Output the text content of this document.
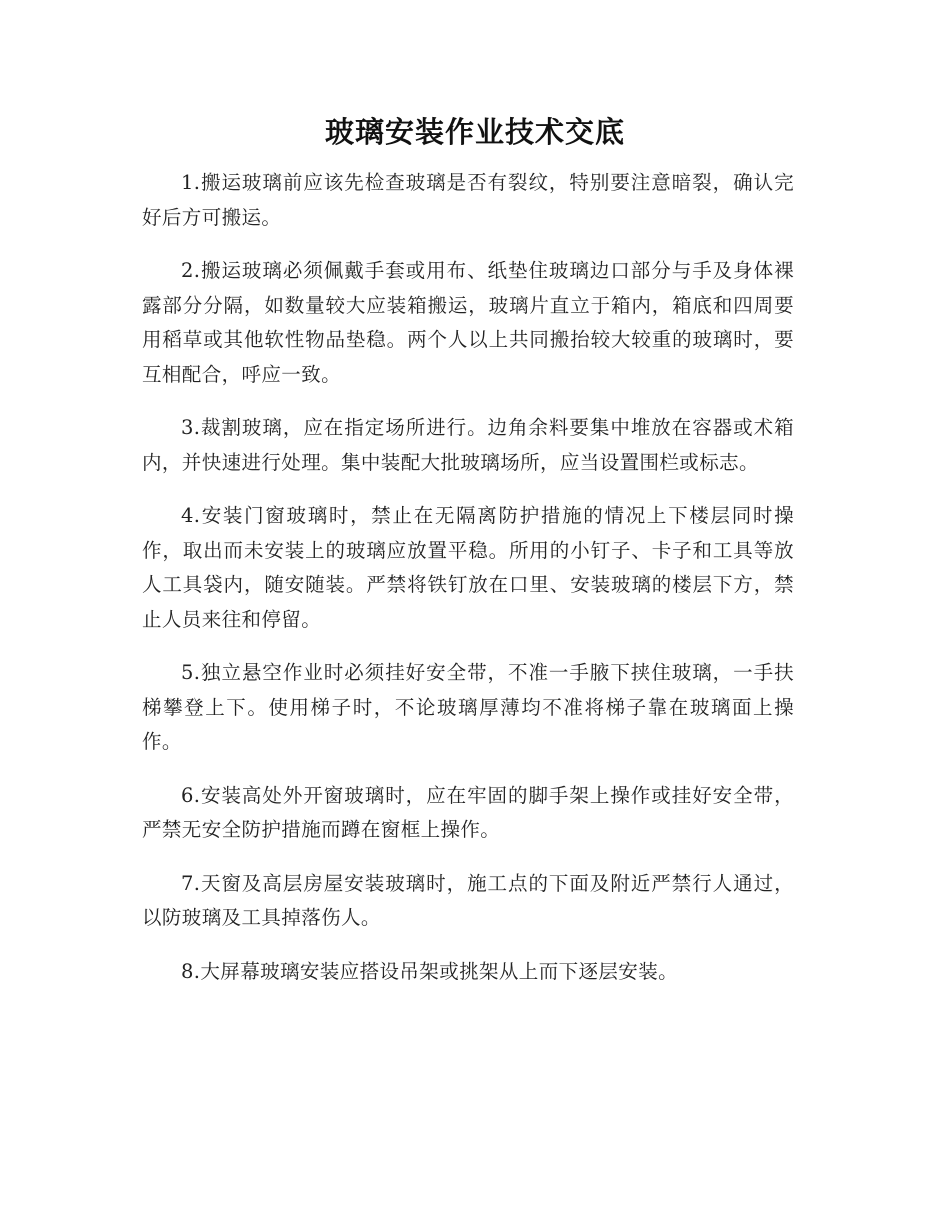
玻璃安装作业技术交底

1.搬运玻璃前应该先检查玻璃是否有裂纹，特别要注意暗裂，确认完好后方可搬运。

2.搬运玻璃必须佩戴手套或用布、纸垫住玻璃边口部分与手及身体裸露部分分隔，如数量较大应装箱搬运，玻璃片直立于箱内，箱底和四周要用稻草或其他软性物品垫稳。两个人以上共同搬抬较大较重的玻璃时，要互相配合，呼应一致。

3.裁割玻璃，应在指定场所进行。边角余料要集中堆放在容器或术箱内，并快速进行处理。集中装配大批玻璃场所，应当设置围栏或标志。

4.安装门窗玻璃时，禁止在无隔离防护措施的情况上下楼层同时操作，取出而未安装上的玻璃应放置平稳。所用的小钉子、卡子和工具等放人工具袋内，随安随装。严禁将铁钉放在口里、安装玻璃的楼层下方，禁止人员来往和停留。

5.独立悬空作业时必须挂好安全带，不准一手腋下挟住玻璃，一手扶梯攀登上下。使用梯子时，不论玻璃厚薄均不准将梯子靠在玻璃面上操作。

6.安装高处外开窗玻璃时，应在牢固的脚手架上操作或挂好安全带，严禁无安全防护措施而蹲在窗框上操作。

7.天窗及高层房屋安装玻璃时，施工点的下面及附近严禁行人通过，以防玻璃及工具掉落伤人。

8.大屏幕玻璃安装应搭设吊架或挑架从上而下逐层安装。
